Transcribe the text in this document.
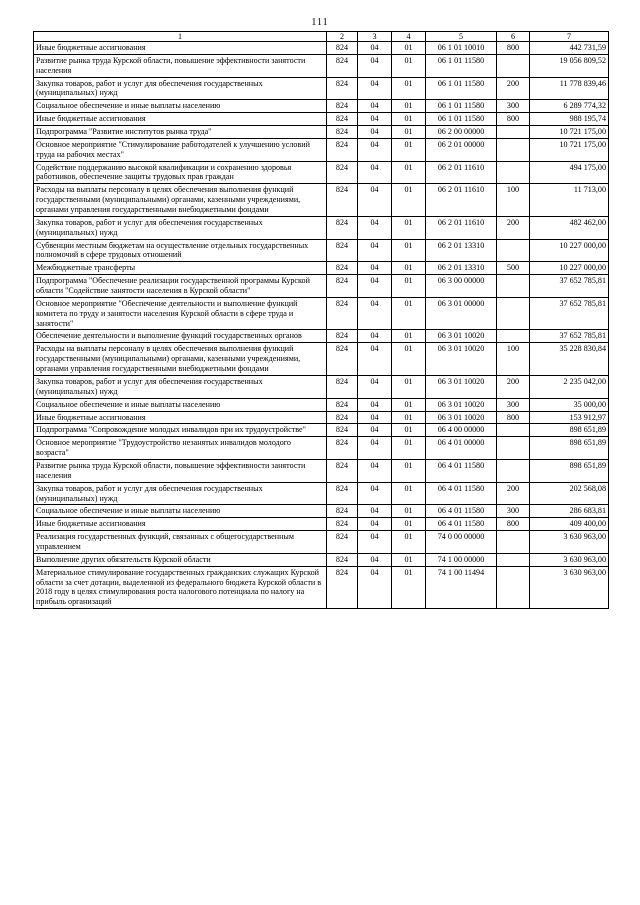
111
1	2	3	4	5	6	7
Иные бюджетные ассигнования	824	04	01	06 1 01 10010	800	442 731,59
Развитие рынка труда Курской области, повышение эффективности занятости населения	824	04	01	06 1 01 11580		19 056 809,52
Закупка товаров, работ и услуг для обеспечения государственных (муниципальных) нужд	824	04	01	06 1 01 11580	200	11 778 839,46
Социальное обеспечение и иные выплаты населению	824	04	01	06 1 01 11580	300	6 289 774,32
Иные бюджетные ассигнования	824	04	01	06 1 01 11580	800	988 195,74
Подпрограмма "Развитие институтов рынка труда"	824	04	01	06 2 00 00000		10 721 175,00
Основное мероприятие "Стимулирование работодателей к улучшению условий труда на рабочих местах"	824	04	01	06 2 01 00000		10 721 175,00
Содействие поддержанию высокой квалификации и сохранению здоровья работников, обеспечение защиты трудовых прав граждан	824	04	01	06 2 01 11610		494 175,00
Расходы на выплаты персоналу в целях обеспечения выполнения функций государственными (муниципальными) органами, казенными учреждениями, органами управления государственными внебюджетными фондами	824	04	01	06 2 01 11610	100	11 713,00
Закупка товаров, работ и услуг для обеспечения государственных (муниципальных) нужд	824	04	01	06 2 01 11610	200	482 462,00
Субвенции местным бюджетам на осуществление отдельных государственных полномочий в сфере трудовых отношений	824	04	01	06 2 01 13310		10 227 000,00
Межбюджетные трансферты	824	04	01	06 2 01 13310	500	10 227 000,00
Подпрограмма "Обеспечение реализации государственной программы Курской области "Содействие занятости населения в Курской области"	824	04	01	06 3 00 00000		37 652 785,81
Основное мероприятие "Обеспечение деятельности и выполнение функций комитета по труду и занятости населения Курской области в сфере труда и занятости"	824	04	01	06 3 01 00000		37 652 785,81
Обеспечение деятельности и выполнение функций государственных органов	824	04	01	06 3 01 10020		37 652 785,81
Расходы на выплаты персоналу в целях обеспечения выполнения функций государственными (муниципальными) органами, казенными учреждениями, органами управления государственными внебюджетными фондами	824	04	01	06 3 01 10020	100	35 228 830,84
Закупка товаров, работ и услуг для обеспечения государственных (муниципальных) нужд	824	04	01	06 3 01 10020	200	2 235 042,00
Социальное обеспечение и иные выплаты населению	824	04	01	06 3 01 10020	300	35 000,00
Иные бюджетные ассигнования	824	04	01	06 3 01 10020	800	153 912,97
Подпрограмма "Сопровождение молодых инвалидов при их трудоустройстве"	824	04	01	06 4 00 00000		898 651,89
Основное мероприятие "Трудоустройство незанятых инвалидов молодого возраста"	824	04	01	06 4 01 00000		898 651,89
Развитие рынка труда Курской области, повышение эффективности занятости населения	824	04	01	06 4 01 11580		898 651,89
Закупка товаров, работ и услуг для обеспечения государственных (муниципальных) нужд	824	04	01	06 4 01 11580	200	202 568,08
Социальное обеспечение и иные выплаты населению	824	04	01	06 4 01 11580	300	286 683,81
Иные бюджетные ассигнования	824	04	01	06 4 01 11580	800	409 400,00
Реализация государственных функций, связанных с общегосударственным управлением	824	04	01	74 0 00 00000		3 630 963,00
Выполнение других обязательств Курской области	824	04	01	74 1 00 00000		3 630 963,00
Материальное стимулирование государственных гражданских служащих Курской области за счет дотации, выделенной из федерального бюджета Курской области в 2018 году в целях стимулирования роста налогового потенциала по налогу на прибыль организаций	824	04	01	74 1 00 11494		3 630 963,00
